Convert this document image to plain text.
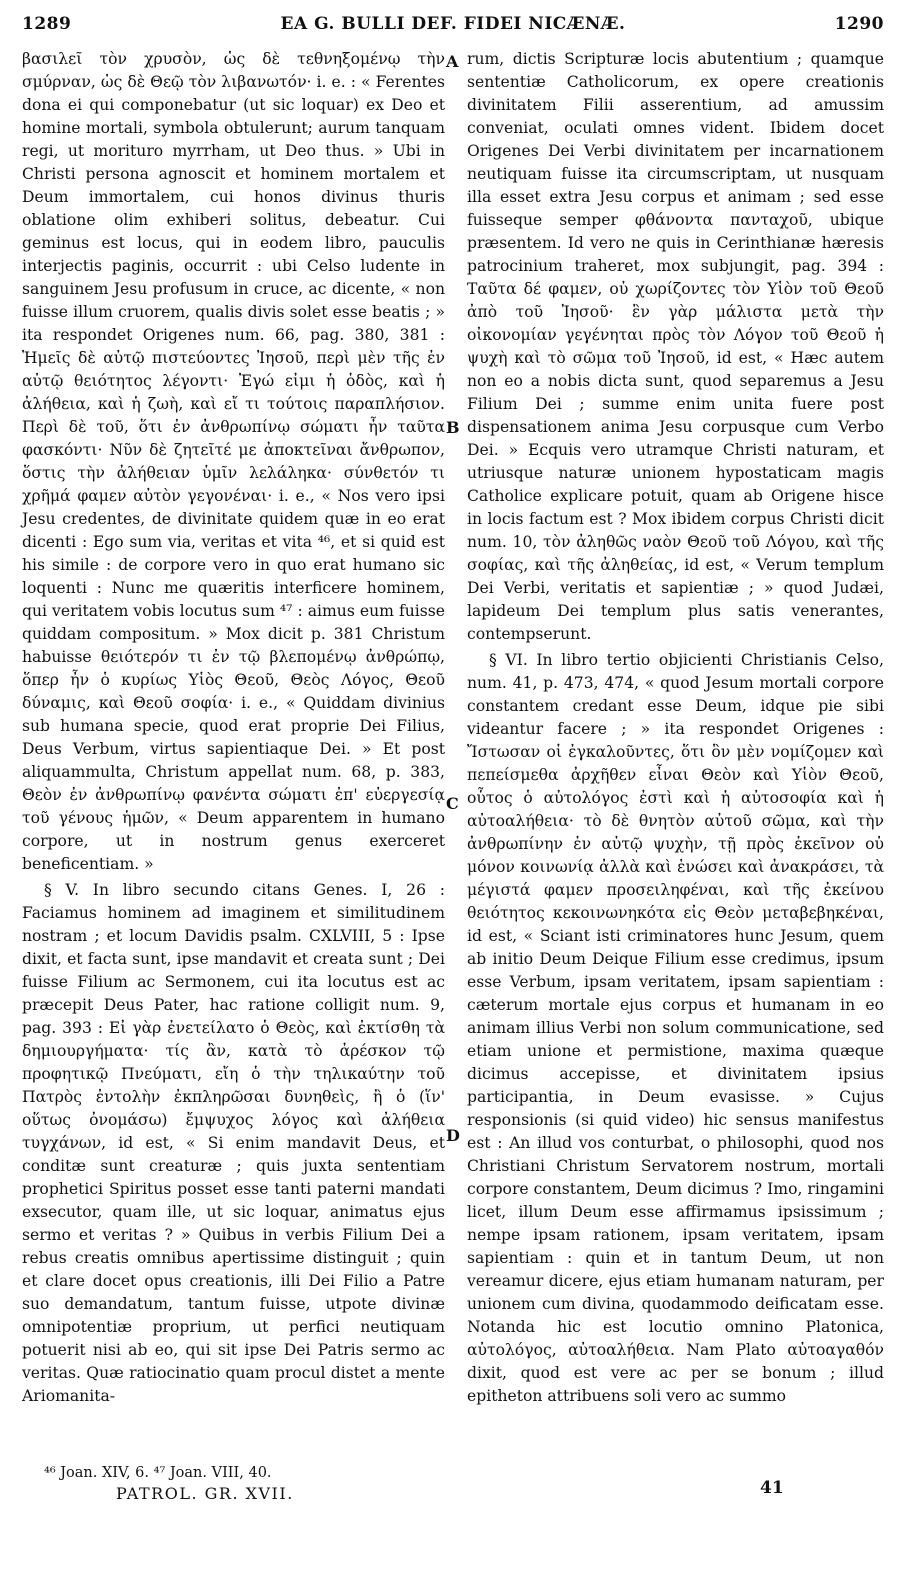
1289	EA G. BULLI DEF. FIDEI NICÆNÆ.	1290

βασιλεῖ τὸν χρυσὸν, ὡς δὲ τεθνηξομένῳ τὴν σμύρναν, ὡς δὲ Θεῷ τὸν λιβανωτόν· i. e. : « Ferentes dona ei qui componebatur (ut sic loquar) ex Deo et homine mortali, symbola obtulerunt; aurum tanquam regi, ut morituro myrrham, ut Deo thus. » Ubi in Christi persona agnoscit et hominem mortalem et Deum immortalem, cui honos divinus thuris oblatione olim exhiberi solitus, debeatur. Cui geminus est locus, qui in eodem libro, pauculis interjectis paginis, occurrit : ubi Celso ludente in sanguinem Jesu profusum in cruce, ac dicente, « non fuisse illum cruorem, qualis divis solet esse beatis ; » ita respondet Origenes num. 66, pag. 380, 381 : Ἡμεῖς δὲ αὐτῷ πιστεύοντες Ἰησοῦ, περὶ μὲν τῆς ἐν αὐτῷ θειότητος λέγοντι· Ἐγώ εἰμι ἡ ὁδὸς, καὶ ἡ ἀλήθεια, καὶ ἡ ζωὴ, καὶ εἴ τι τούτοις παραπλήσιον. Περὶ δὲ τοῦ, ὅτι ἐν ἀνθρωπίνῳ σώματι ἦν ταῦτα φασκόντι· Νῦν δὲ ζητεῖτέ με ἀποκτεῖναι ἄνθρωπον, ὅστις τὴν ἀλήθειαν ὑμῖν λελάληκα· σύνθετόν τι χρῆμά φαμεν αὐτὸν γεγονέναι· i. e., « Nos vero ipsi Jesu credentes, de divinitate quidem quæ in eo erat dicenti : Ego sum via, veritas et vita ⁴⁶, et si quid est his simile : de corpore vero in quo erat humano sic loquenti : Nunc me quæritis interficere hominem, qui veritatem vobis locutus sum ⁴⁷ : aimus eum fuisse quiddam compositum. » Mox dicit p. 381 Christum habuisse θειότερόν τι ἐν τῷ βλεπομένῳ ἀνθρώπῳ, ὅπερ ἦν ὁ κυρίως Υἱὸς Θεοῦ, Θεὸς Λόγος, Θεοῦ δύναμις, καὶ Θεοῦ σοφία· i. e., « Quiddam divinius sub humana specie, quod erat proprie Dei Filius, Deus Verbum, virtus sapientiaque Dei. » Et post aliquammulta, Christum appellat num. 68, p. 383, Θεὸν ἐν ἀνθρωπίνῳ φανέντα σώματι ἐπ' εὐεργεσίᾳ τοῦ γένους ἡμῶν, « Deum apparentem in humano corpore, ut in nostrum genus exerceret beneficentiam. »

§ V. In libro secundo citans Genes. I, 26 : Faciamus hominem ad imaginem et similitudinem nostram ; et locum Davidis psalm. CXLVIII, 5 : Ipse dixit, et facta sunt, ipse mandavit et creata sunt ; Dei fuisse Filium ac Sermonem, cui ita locutus est ac præcepit Deus Pater, hac ratione colligit num. 9, pag. 393 : Εἰ γὰρ ἐνετείλατο ὁ Θεὸς, καὶ ἐκτίσθη τὰ δημιουργήματα· τίς ἂν, κατὰ τὸ ἀρέσκον τῷ προφητικῷ Πνεύματι, εἴη ὁ τὴν τηλικαύτην τοῦ Πατρὸς ἐντολὴν ἐκπληρῶσαι δυνηθεὶς, ἢ ὁ (ἵν' οὕτως ὀνομάσω) ἔμψυχος λόγος καὶ ἀλήθεια τυγχάνων, id est, « Si enim mandavit Deus, et conditæ sunt creaturæ ; quis juxta sententiam prophetici Spiritus posset esse tanti paterni mandati exsecutor, quam ille, ut sic loquar, animatus ejus sermo et veritas ? » Quibus in verbis Filium Dei a rebus creatis omnibus apertissime distinguit ; quin et clare docet opus creationis, illi Dei Filio a Patre suo demandatum, tantum fuisse, utpote divinæ omnipotentiæ proprium, ut perfici neutiquam potuerit nisi ab eo, qui sit ipse Dei Patris sermo ac veritas. Quæ ratiocinatio quam procul distet a mente Ariomanita-

rum, dictis Scripturæ locis abutentium ; quamque sententiæ Catholicorum, ex opere creationis divinitatem Filii asserentium, ad amussim conveniat, oculati omnes vident. Ibidem docet Origenes Dei Verbi divinitatem per incarnationem neutiquam fuisse ita circumscriptam, ut nusquam illa esset extra Jesu corpus et animam ; sed esse fuisseque semper φθάνοντα πανταχοῦ, ubique præsentem. Id vero ne quis in Cerinthianæ hæresis patrocinium traheret, mox subjungit, pag. 394 : Ταῦτα δέ φαμεν, οὐ χωρίζοντες τὸν Υἱὸν τοῦ Θεοῦ ἀπὸ τοῦ Ἰησοῦ· ἓν γὰρ μάλιστα μετὰ τὴν οἰκονομίαν γεγένηται πρὸς τὸν Λόγον τοῦ Θεοῦ ἡ ψυχὴ καὶ τὸ σῶμα τοῦ Ἰησοῦ, id est, « Hæc autem non eo a nobis dicta sunt, quod separemus a Jesu Filium Dei ; summe enim unita fuere post dispensationem anima Jesu corpusque cum Verbo Dei. » Ecquis vero utramque Christi naturam, et utriusque naturæ unionem hypostaticam magis Catholice explicare potuit, quam ab Origene hisce in locis factum est ? Mox ibidem corpus Christi dicit num. 10, τὸν ἀληθῶς ναὸν Θεοῦ τοῦ Λόγου, καὶ τῆς σοφίας, καὶ τῆς ἀληθείας, id est, « Verum templum Dei Verbi, veritatis et sapientiæ ; » quod Judæi, lapideum Dei templum plus satis venerantes, contempserunt.

§ VI. In libro tertio objicienti Christianis Celso, num. 41, p. 473, 474, « quod Jesum mortali corpore constantem credant esse Deum, idque pie sibi videantur facere ; » ita respondet Origenes : Ἴστωσαν οἱ ἐγκαλοῦντες, ὅτι ὃν μὲν νομίζομεν καὶ πεπείσμεθα ἀρχῆθεν εἶναι Θεὸν καὶ Υἱὸν Θεοῦ, οὗτος ὁ αὐτολόγος ἐστὶ καὶ ἡ αὐτοσοφία καὶ ἡ αὐτοαλήθεια· τὸ δὲ θνητὸν αὐτοῦ σῶμα, καὶ τὴν ἀνθρωπίνην ἐν αὐτῷ ψυχὴν, τῇ πρὸς ἐκεῖνον οὐ μόνον κοινωνίᾳ ἀλλὰ καὶ ἑνώσει καὶ ἀνακράσει, τὰ μέγιστά φαμεν προσειληφέναι, καὶ τῆς ἐκείνου θειότητος κεκοινωνηκότα εἰς Θεὸν μεταβεβηκέναι, id est, « Sciant isti criminatores hunc Jesum, quem ab initio Deum Deique Filium esse credimus, ipsum esse Verbum, ipsam veritatem, ipsam sapientiam : cæterum mortale ejus corpus et humanam in eo animam illius Verbi non solum communicatione, sed etiam unione et permistione, maxima quæque dicimus accepisse, et divinitatem ipsius participantia, in Deum evasisse. » Cujus responsionis (si quid video) hic sensus manifestus est : An illud vos conturbat, o philosophi, quod nos Christiani Christum Servatorem nostrum, mortali corpore constantem, Deum dicimus ? Imo, ringamini licet, illum Deum esse affirmamus ipsissimum ; nempe ipsam rationem, ipsam veritatem, ipsam sapientiam : quin et in tantum Deum, ut non vereamur dicere, ejus etiam humanam naturam, per unionem cum divina, quodammodo deificatam esse. Notanda hic est locutio omnino Platonica, αὐτολόγος, αὐτοαλήθεια. Nam Plato αὐτοαγαθόν dixit, quod est vere ac per se bonum ; illud epitheton attribuens soli vero ac summo

A
B
C
D
⁴⁶ Joan. XIV, 6. ⁴⁷ Joan. VIII, 40.
PATROL. GR. XVII.	41
